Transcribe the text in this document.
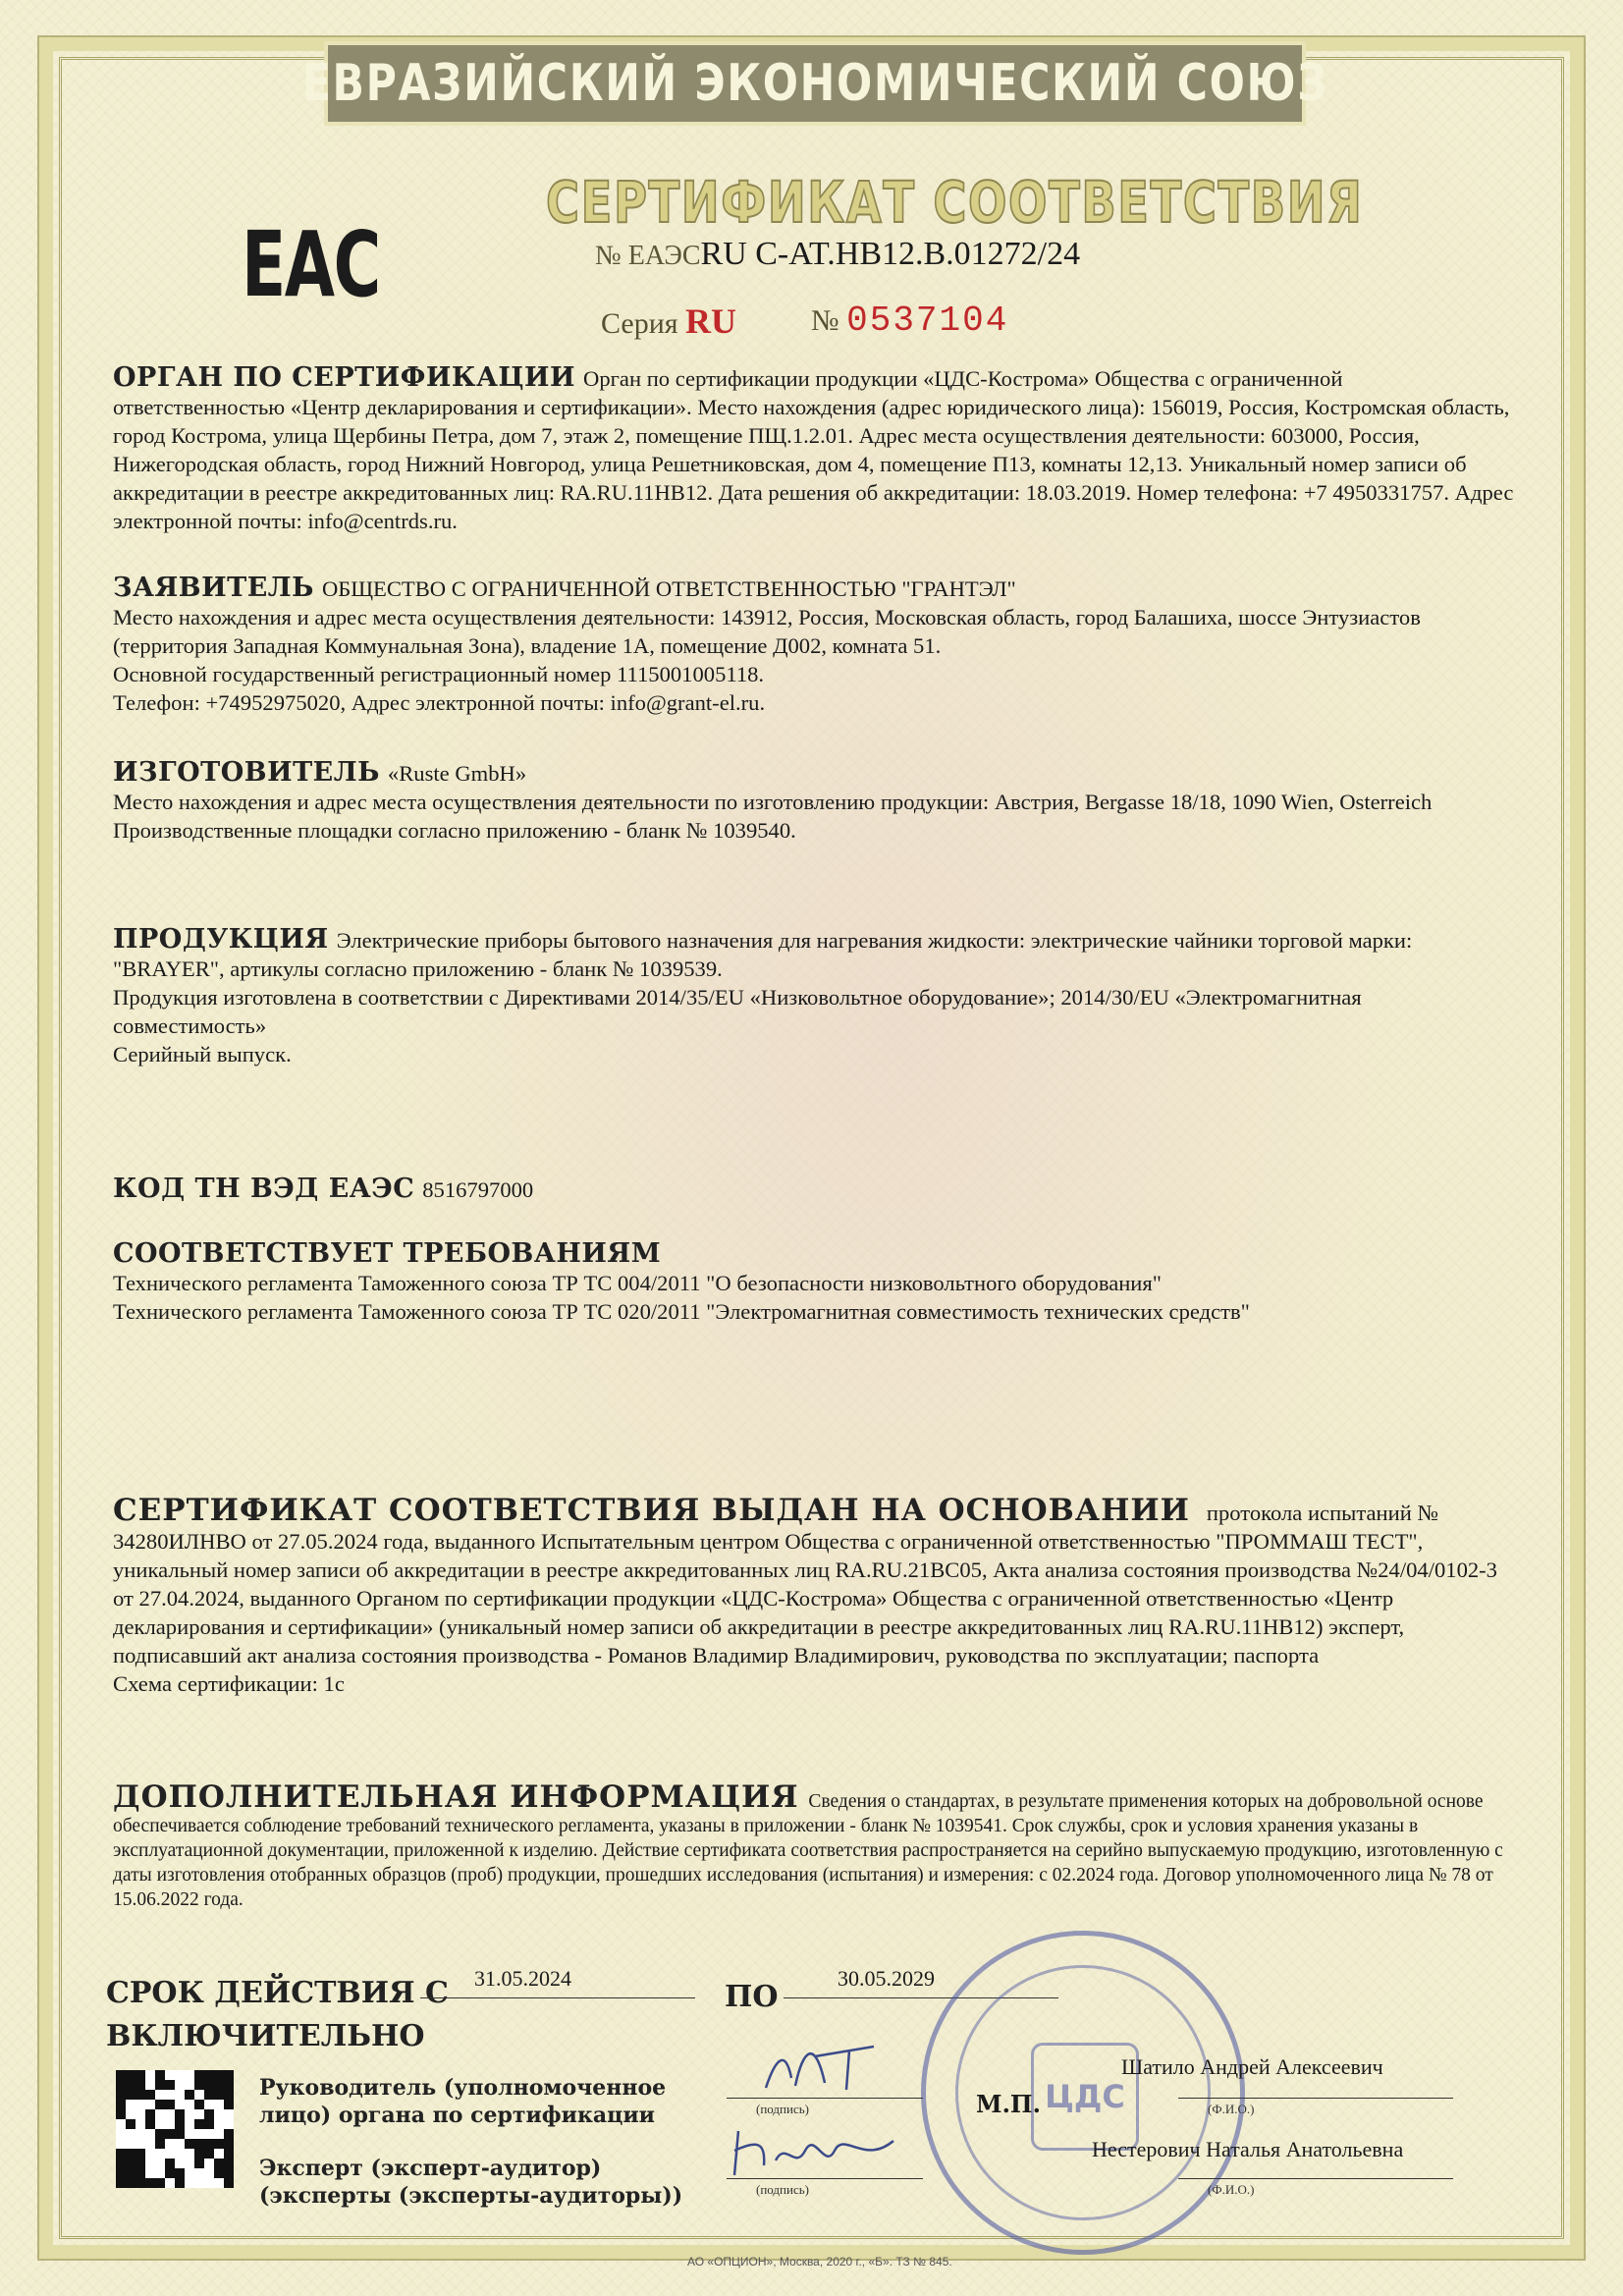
ЕВРАЗИЙСКИЙ ЭКОНОМИЧЕСКИЙ СОЮЗ
СЕРТИФИКАТ СООТВЕТСТВИЯ
ЕАС	№ ЕАЭСRU С-AT.НВ12.В.01272/24
Серия RU	№ 0537104

ОРГАН ПО СЕРТИФИКАЦИИ Орган по сертификации продукции «ЦДС-Кострома» Общества с ограниченной ответственностью «Центр декларирования и сертификации». Место нахождения (адрес юридического лица): 156019, Россия, Костромская область, город Кострома, улица Щербины Петра, дом 7, этаж 2, помещение ПЩ.1.2.01. Адрес места осуществления деятельности: 603000, Россия, Нижегородская область, город Нижний Новгород, улица Решетниковская, дом 4, помещение П13, комнаты 12,13. Уникальный номер записи об аккредитации в реестре аккредитованных лиц: RA.RU.11HB12. Дата решения об аккредитации: 18.03.2019. Номер телефона: +7 4950331757. Адрес электронной почты: info@centrds.ru.

ЗАЯВИТЕЛЬ ОБЩЕСТВО С ОГРАНИЧЕННОЙ ОТВЕТСТВЕННОСТЬЮ "ГРАНТЭЛ"

Место нахождения и адрес места осуществления деятельности: 143912, Россия, Московская область, город Балашиха, шоссе Энтузиастов (территория Западная Коммунальная Зона), владение 1А, помещение Д002, комната 51.

Основной государственный регистрационный номер 1115001005118.

Телефон: +74952975020, Адрес электронной почты: info@grant-el.ru.

ИЗГОТОВИТЕЛЬ «Ruste GmbH»

Место нахождения и адрес места осуществления деятельности по изготовлению продукции: Австрия, Bergasse 18/18, 1090 Wien, Osterreich

Производственные площадки согласно приложению - бланк № 1039540.

ПРОДУКЦИЯ Электрические приборы бытового назначения для нагревания жидкости: электрические чайники торговой марки: "BRAYER", артикулы согласно приложению - бланк № 1039539.

Продукция изготовлена в соответствии с Директивами 2014/35/EU «Низковольтное оборудование»; 2014/30/EU «Электромагнитная совместимость»

Серийный выпуск.

КОД ТН ВЭД ЕАЭС 8516797000

СООТВЕТСТВУЕТ ТРЕБОВАНИЯМ

Технического регламента Таможенного союза ТР ТС 004/2011 "О безопасности низковольтного оборудования"

Технического регламента Таможенного союза ТР ТС 020/2011 "Электромагнитная совместимость технических средств"

СЕРТИФИКАТ СООТВЕТСТВИЯ ВЫДАН НА ОСНОВАНИИ протокола испытаний № 34280ИЛНВО от 27.05.2024 года, выданного Испытательным центром Общества с ограниченной ответственностью "ПРОММАШ ТЕСТ", уникальный номер записи об аккредитации в реестре аккредитованных лиц RA.RU.21ВС05, Акта анализа состояния производства №24/04/0102-3 от 27.04.2024, выданного Органом по сертификации продукции «ЦДС-Кострома» Общества с ограниченной ответственностью «Центр декларирования и сертификации» (уникальный номер записи об аккредитации в реестре аккредитованных лиц RA.RU.11HB12) эксперт, подписавший акт анализа состояния производства - Романов Владимир Владимирович, руководства по эксплуатации; паспорта

Схема сертификации: 1с

ДОПОЛНИТЕЛЬНАЯ ИНФОРМАЦИЯ Сведения о стандартах, в результате применения которых на добровольной основе обеспечивается соблюдение требований технического регламента, указаны в приложении - бланк № 1039541. Срок службы, срок и условия хранения указаны в эксплуатационной документации, приложенной к изделию. Действие сертификата соответствия распространяется на серийно выпускаемую продукцию, изготовленную с даты изготовления отобранных образцов (проб) продукции, прошедших исследования (испытания) и измерения: с 02.2024 года. Договор уполномоченного лица № 78 от 15.06.2022 года.

СРОК ДЕЙСТВИЯ С 31.05.2024
ПО
30.05.2029
ВКЛЮЧИТЕЛЬНО
ЦДС
Руководитель (уполномоченное
лицо) органа по сертификации	(подпись)
Шатило Андрей Алексеевич
(Ф.И.О.)
М.П.
Эксперт (эксперт-аудитор)
(эксперты (эксперты-аудиторы))	(подпись)
Нестерович Наталья Анатольевна
(Ф.И.О.)
АО «ОПЦИОН», Москва, 2020 г., «Б». ТЗ № 845.
